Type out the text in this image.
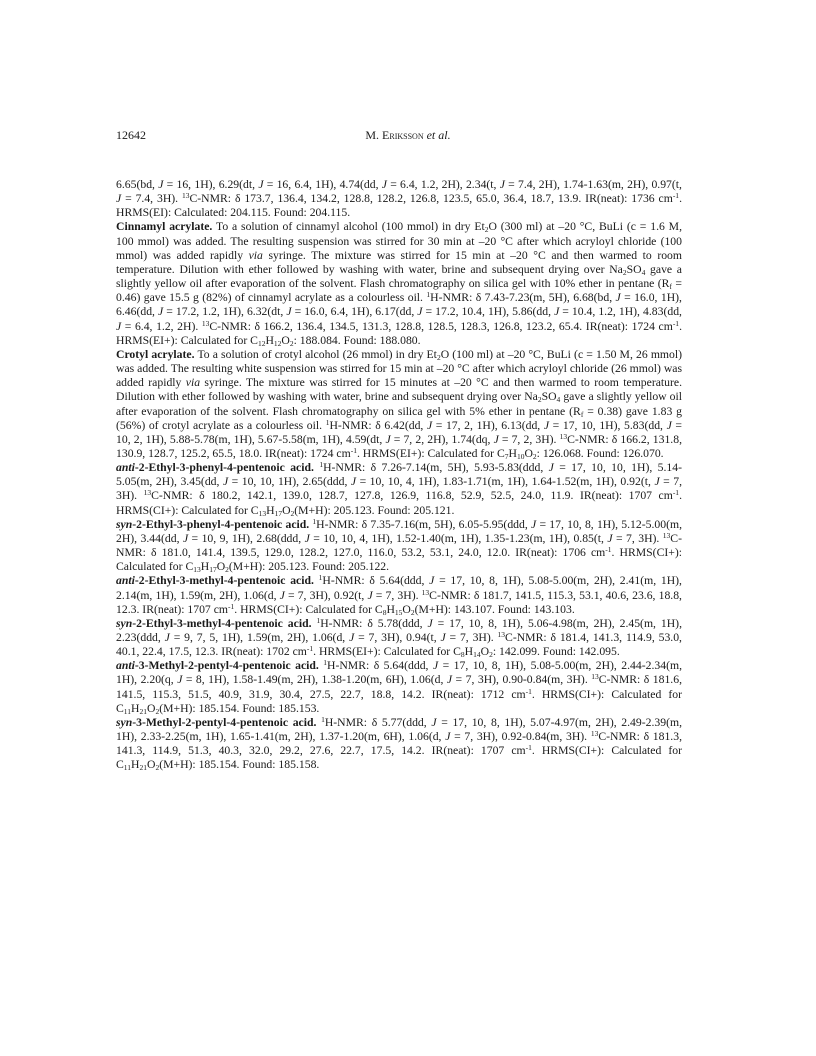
12642	M. Eriksson et al.

6.65(bd, J = 16, 1H), 6.29(dt, J = 16, 6.4, 1H), 4.74(dd, J = 6.4, 1.2, 2H), 2.34(t, J = 7.4, 2H), 1.74-1.63(m, 2H), 0.97(t, J = 7.4, 3H). $^{13}$C-NMR: δ 173.7, 136.4, 134.2, 128.8, 128.2, 126.8, 123.5, 65.0, 36.4, 18.7, 13.9. IR(neat): 1736 $cm^{-1}$. HRMS(EI): Calculated: 204.115. Found: 204.115.

Cinnamyl acrylate. To a solution of cinnamyl alcohol (100 mmol) in dry $Et_2O$ (300 ml) at –20 °C, BuLi (c = 1.6 M, 100 mmol) was added. The resulting suspension was stirred for 30 min at –20 °C after which acryloyl chloride (100 mmol) was added rapidly via syringe. The mixture was stirred for 15 min at –20 °C and then warmed to room temperature. Dilution with ether followed by washing with water, brine and subsequent drying over $Na_2SO_4$ gave a slightly yellow oil after evaporation of the solvent. Flash chromatography on silica gel with 10% ether in pentane $(R_f = 0.46)$ gave 15.5 g (82%) of cinnamyl acrylate as a colourless oil. $^1$H-NMR: δ 7.43-7.23(m, 5H), 6.68(bd, J = 16.0, 1H), 6.46(dd, J = 17.2, 1.2, 1H), 6.32(dt, J = 16.0, 6.4, 1H), 6.17(dd, J = 17.2, 10.4, 1H), 5.86(dd, J = 10.4, 1.2, 1H), 4.83(dd, J = 6.4, 1.2, 2H). $^{13}$C-NMR: δ 166.2, 136.4, 134.5, 131.3, 128.8, 128.5, 128.3, 126.8, 123.2, 65.4. IR(neat): 1724 $cm^{-1}$. HRMS(EI+): Calculated for $C_{12}H_{12}O_2$: 188.084. Found: 188.080.

Crotyl acrylate. To a solution of crotyl alcohol (26 mmol) in dry $Et_2O$ (100 ml) at –20 °C, BuLi (c = 1.50 M, 26 mmol) was added. The resulting white suspension was stirred for 15 min at –20 °C after which acryloyl chloride (26 mmol) was added rapidly via syringe. The mixture was stirred for 15 minutes at –20 °C and then warmed to room temperature. Dilution with ether followed by washing with water, brine and subsequent drying over $Na_2SO_4$ gave a slightly yellow oil after evaporation of the solvent. Flash chromatography on silica gel with 5% ether in pentane $(R_f = 0.38)$ gave 1.83 g (56%) of crotyl acrylate as a colourless oil. $^1$H-NMR: δ 6.42(dd, J = 17, 2, 1H), 6.13(dd, J = 17, 10, 1H), 5.83(dd, J = 10, 2, 1H), 5.88-5.78(m, 1H), 5.67-5.58(m, 1H), 4.59(dt, J = 7, 2, 2H), 1.74(dq, J = 7, 2, 3H). $^{13}$C-NMR: δ 166.2, 131.8, 130.9, 128.7, 125.2, 65.5, 18.0. IR(neat): 1724 $cm^{-1}$. HRMS(EI+): Calculated for $C_7H_{10}O_2$: 126.068. Found: 126.070.

anti-2-Ethyl-3-phenyl-4-pentenoic acid. $^1$H-NMR: δ 7.26-7.14(m, 5H), 5.93-5.83(ddd, J = 17, 10, 10, 1H), 5.14-5.05(m, 2H), 3.45(dd, J = 10, 10, 1H), 2.65(ddd, J = 10, 10, 4, 1H), 1.83-1.71(m, 1H), 1.64-1.52(m, 1H), 0.92(t, J = 7, 3H). $^{13}$C-NMR: δ 180.2, 142.1, 139.0, 128.7, 127.8, 126.9, 116.8, 52.9, 52.5, 24.0, 11.9. IR(neat): 1707 $cm^{-1}$. HRMS(CI+): Calculated for $C_{13}H_{17}O_2(M+H)$: 205.123. Found: 205.121.

syn-2-Ethyl-3-phenyl-4-pentenoic acid. $^1$H-NMR: δ 7.35-7.16(m, 5H), 6.05-5.95(ddd, J = 17, 10, 8, 1H), 5.12-5.00(m, 2H), 3.44(dd, J = 10, 9, 1H), 2.68(ddd, J = 10, 10, 4, 1H), 1.52-1.40(m, 1H), 1.35-1.23(m, 1H), 0.85(t, J = 7, 3H). $^{13}$C-NMR: δ 181.0, 141.4, 139.5, 129.0, 128.2, 127.0, 116.0, 53.2, 53.1, 24.0, 12.0. IR(neat): 1706 $cm^{-1}$. HRMS(CI+): Calculated for $C_{13}H_{17}O_2(M+H)$: 205.123. Found: 205.122.

anti-2-Ethyl-3-methyl-4-pentenoic acid. $^1$H-NMR: δ 5.64(ddd, J = 17, 10, 8, 1H), 5.08-5.00(m, 2H), 2.41(m, 1H), 2.14(m, 1H), 1.59(m, 2H), 1.06(d, J = 7, 3H), 0.92(t, J = 7, 3H). $^{13}$C-NMR: δ 181.7, 141.5, 115.3, 53.1, 40.6, 23.6, 18.8, 12.3. IR(neat): 1707 $cm^{-1}$. HRMS(CI+): Calculated for $C_8H_{15}O_2(M+H)$: 143.107. Found: 143.103.

syn-2-Ethyl-3-methyl-4-pentenoic acid. $^1$H-NMR: δ 5.78(ddd, J = 17, 10, 8, 1H), 5.06-4.98(m, 2H), 2.45(m, 1H), 2.23(ddd, J = 9, 7, 5, 1H), 1.59(m, 2H), 1.06(d, J = 7, 3H), 0.94(t, J = 7, 3H). $^{13}$C-NMR: δ 181.4, 141.3, 114.9, 53.0, 40.1, 22.4, 17.5, 12.3. IR(neat): 1702 $cm^{-1}$. HRMS(EI+): Calculated for $C_8H_{14}O_2$: 142.099. Found: 142.095.

anti-3-Methyl-2-pentyl-4-pentenoic acid. $^1$H-NMR: δ 5.64(ddd, J = 17, 10, 8, 1H), 5.08-5.00(m, 2H), 2.44-2.34(m, 1H), 2.20(q, J = 8, 1H), 1.58-1.49(m, 2H), 1.38-1.20(m, 6H), 1.06(d, J = 7, 3H), 0.90-0.84(m, 3H). $^{13}$C-NMR: δ 181.6, 141.5, 115.3, 51.5, 40.9, 31.9, 30.4, 27.5, 22.7, 18.8, 14.2. IR(neat): 1712 $cm^{-1}$. HRMS(CI+): Calculated for $C_{11}H_{21}O_2(M+H)$: 185.154. Found: 185.153.

syn-3-Methyl-2-pentyl-4-pentenoic acid. $^1$H-NMR: δ 5.77(ddd, J = 17, 10, 8, 1H), 5.07-4.97(m, 2H), 2.49-2.39(m, 1H), 2.33-2.25(m, 1H), 1.65-1.41(m, 2H), 1.37-1.20(m, 6H), 1.06(d, J = 7, 3H), 0.92-0.84(m, 3H). $^{13}$C-NMR: δ 181.3, 141.3, 114.9, 51.3, 40.3, 32.0, 29.2, 27.6, 22.7, 17.5, 14.2. IR(neat): 1707 $cm^{-1}$. HRMS(CI+): Calculated for $C_{11}H_{21}O_2(M+H)$: 185.154. Found: 185.158.
